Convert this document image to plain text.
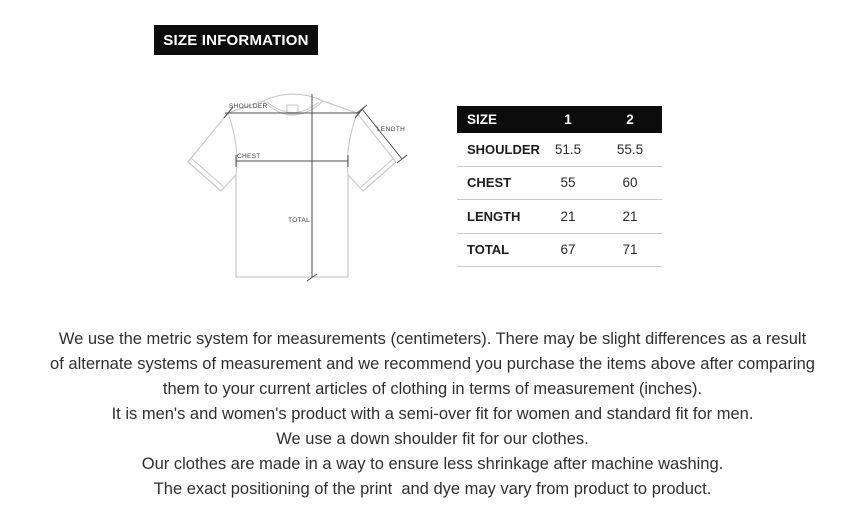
SIZE INFORMATION
SHOULDER
CHEST
LENGTH
TOTAL
SIZE	1	2
SHOULDER	51.5	55.5
CHEST	55	60
LENGTH	21	21
TOTAL	67	71
We use the metric system for measurements (centimeters). There may be slight differences as a result
of alternate systems of measurement and we recommend you purchase the items above after comparing
them to your current articles of clothing in terms of measurement (inches).
It is men's and women's product with a semi-over fit for women and standard fit for men.
We use a down shoulder fit for our clothes.
Our clothes are made in a way to ensure less shrinkage after machine washing.
The exact positioning of the print  and dye may vary from product to product.
